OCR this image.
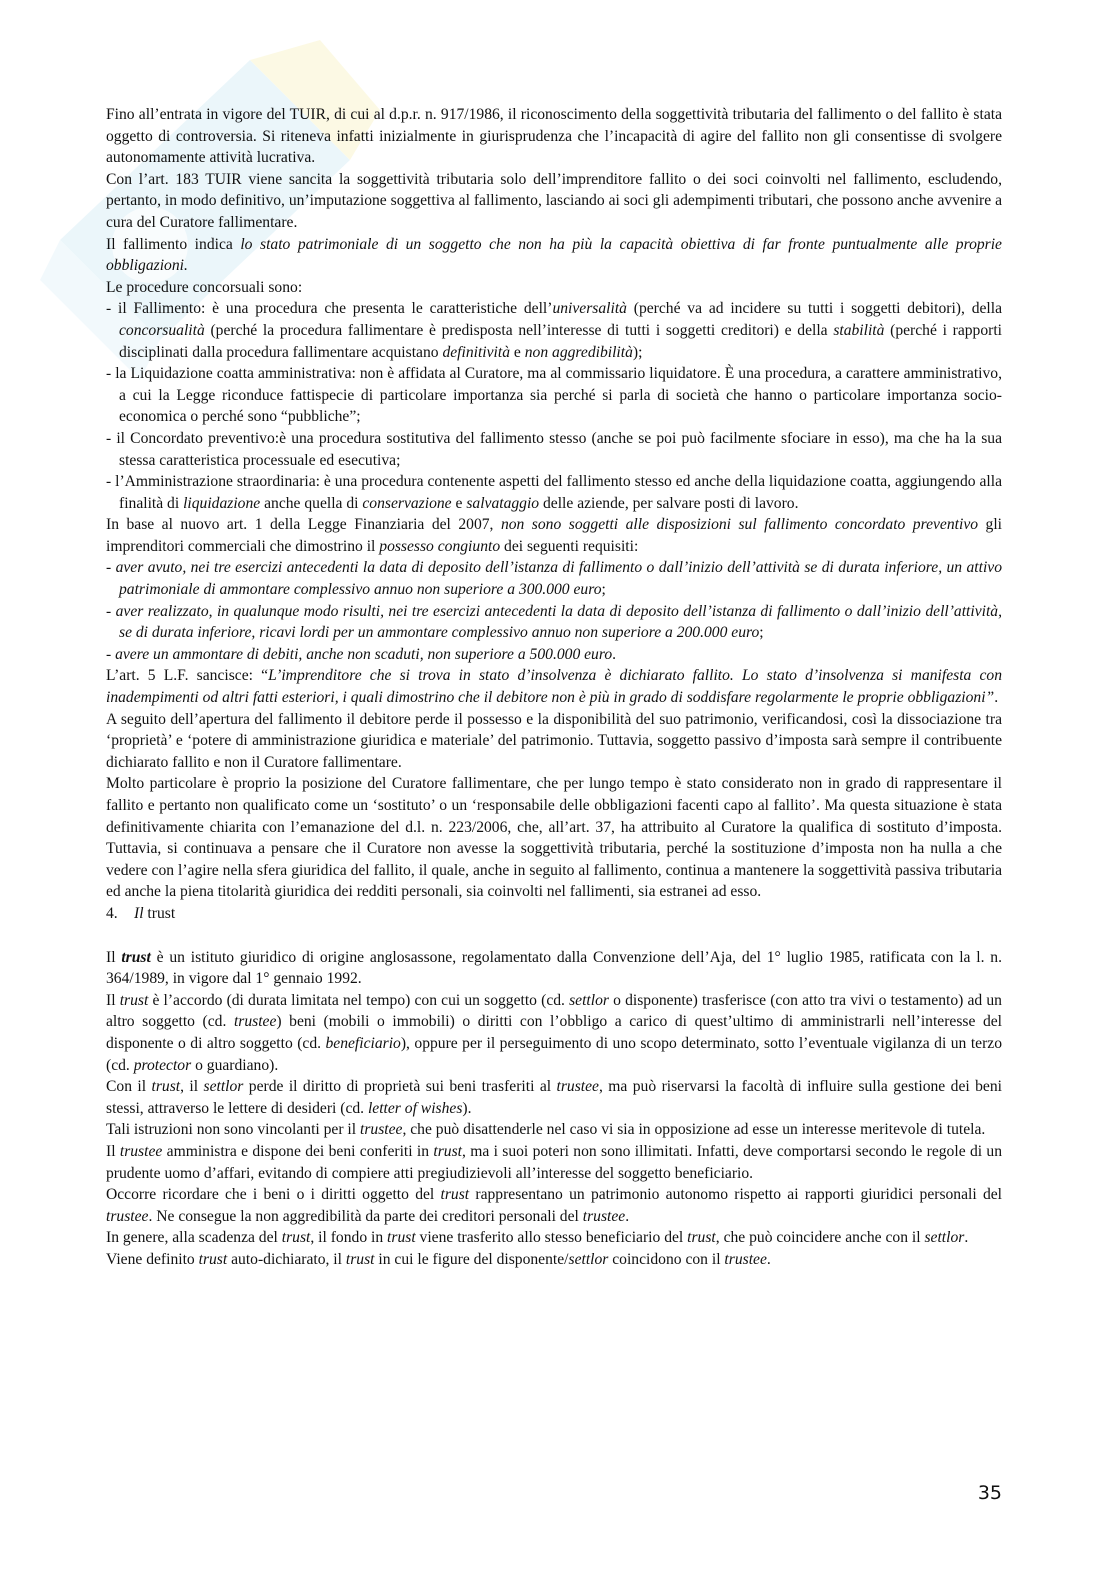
Fino all’entrata in vigore del TUIR, di cui al d.p.r. n. 917/1986, il riconoscimento della soggettività tributaria del fallimento o del fallito è stata oggetto di controversia. Si riteneva infatti inizialmente in giurisprudenza che l’incapacità di agire del fallito non gli consentisse di svolgere autonomamente attività lucrativa.

Con l’art. 183 TUIR viene sancita la soggettività tributaria solo dell’imprenditore fallito o dei soci coinvolti nel fallimento, escludendo, pertanto, in modo definitivo, un’imputazione soggettiva al fallimento, lasciando ai soci gli adempimenti tributari, che possono anche avvenire a cura del Curatore fallimentare.

Il fallimento indica lo stato patrimoniale di un soggetto che non ha più la capacità obiettiva di far fronte puntualmente alle proprie obbligazioni.

Le procedure concorsuali sono:

- il Fallimento: è una procedura che presenta le caratteristiche dell’universalità (perché va ad incidere su tutti i soggetti debitori), della concorsualità (perché la procedura fallimentare è predisposta nell’interesse di tutti i soggetti creditori) e della stabilità (perché i rapporti disciplinati dalla procedura fallimentare acquistano definitività e non aggredibilità);

- la Liquidazione coatta amministrativa: non è affidata al Curatore, ma al commissario liquidatore. È una procedura, a carattere amministrativo, a cui la Legge riconduce fattispecie di particolare importanza sia perché si parla di società che hanno o particolare importanza socio-economica o perché sono “pubbliche”;

- il Concordato preventivo:è una procedura sostitutiva del fallimento stesso (anche se poi può facilmente sfociare in esso), ma che ha la sua stessa caratteristica processuale ed esecutiva;

- l’Amministrazione straordinaria: è una procedura contenente aspetti del fallimento stesso ed anche della liquidazione coatta, aggiungendo alla finalità di liquidazione anche quella di conservazione e salvataggio delle aziende, per salvare posti di lavoro.

In base al nuovo art. 1 della Legge Finanziaria del 2007, non sono soggetti alle disposizioni sul fallimento concordato preventivo gli imprenditori commerciali che dimostrino il possesso congiunto dei seguenti requisiti:

- aver avuto, nei tre esercizi antecedenti la data di deposito dell’istanza di fallimento o dall’inizio dell’attività se di durata inferiore, un attivo patrimoniale di ammontare complessivo annuo non superiore a 300.000 euro;

- aver realizzato, in qualunque modo risulti, nei tre esercizi antecedenti la data di deposito dell’istanza di fallimento o dall’inizio dell’attività, se di durata inferiore, ricavi lordi per un ammontare complessivo annuo non superiore a 200.000 euro;

- avere un ammontare di debiti, anche non scaduti, non superiore a 500.000 euro.

L’art. 5 L.F. sancisce: “L’imprenditore che si trova in stato d’insolvenza è dichiarato fallito. Lo stato d’insolvenza si manifesta con inadempimenti od altri fatti esteriori, i quali dimostrino che il debitore non è più in grado di soddisfare regolarmente le proprie obbligazioni”.

A seguito dell’apertura del fallimento il debitore perde il possesso e la disponibilità del suo patrimonio, verificandosi, così la dissociazione tra ‘proprietà’ e ‘potere di amministrazione giuridica e materiale’ del patrimonio. Tuttavia, soggetto passivo d’imposta sarà sempre il contribuente dichiarato fallito e non il Curatore fallimentare.

Molto particolare è proprio la posizione del Curatore fallimentare, che per lungo tempo è stato considerato non in grado di rappresentare il fallito e pertanto non qualificato come un ‘sostituto’ o un ‘responsabile delle obbligazioni facenti capo al fallito’. Ma questa situazione è stata definitivamente chiarita con l’emanazione del d.l. n. 223/2006, che, all’art. 37, ha attribuito al Curatore la qualifica di sostituto d’imposta. Tuttavia, si continuava a pensare che il Curatore non avesse la soggettività tributaria, perché la sostituzione d’imposta non ha nulla a che vedere con l’agire nella sfera giuridica del fallito, il quale, anche in seguito al fallimento, continua a mantenere la soggettività passiva tributaria ed anche la piena titolarità giuridica dei redditi personali, sia coinvolti nel fallimenti, sia estranei ad esso.

4. Il trust

Il trust è un istituto giuridico di origine anglosassone, regolamentato dalla Convenzione dell’Aja, del 1° luglio 1985, ratificata con la l. n. 364/1989, in vigore dal 1° gennaio 1992.

Il trust è l’accordo (di durata limitata nel tempo) con cui un soggetto (cd. settlor o disponente) trasferisce (con atto tra vivi o testamento) ad un altro soggetto (cd. trustee) beni (mobili o immobili) o diritti con l’obbligo a carico di quest’ultimo di amministrarli nell’interesse del disponente o di altro soggetto (cd. beneficiario), oppure per il perseguimento di uno scopo determinato, sotto l’eventuale vigilanza di un terzo (cd. protector o guardiano).

Con il trust, il settlor perde il diritto di proprietà sui beni trasferiti al trustee, ma può riservarsi la facoltà di influire sulla gestione dei beni stessi, attraverso le lettere di desideri (cd. letter of wishes).

Tali istruzioni non sono vincolanti per il trustee, che può disattenderle nel caso vi sia in opposizione ad esse un interesse meritevole di tutela.

Il trustee amministra e dispone dei beni conferiti in trust, ma i suoi poteri non sono illimitati. Infatti, deve comportarsi secondo le regole di un prudente uomo d’affari, evitando di compiere atti pregiudizievoli all’interesse del soggetto beneficiario.

Occorre ricordare che i beni o i diritti oggetto del trust rappresentano un patrimonio autonomo rispetto ai rapporti giuridici personali del trustee. Ne consegue la non aggredibilità da parte dei creditori personali del trustee.

In genere, alla scadenza del trust, il fondo in trust viene trasferito allo stesso beneficiario del trust, che può coincidere anche con il settlor.

Viene definito trust auto-dichiarato, il trust in cui le figure del disponente/settlor coincidono con il trustee.

35
